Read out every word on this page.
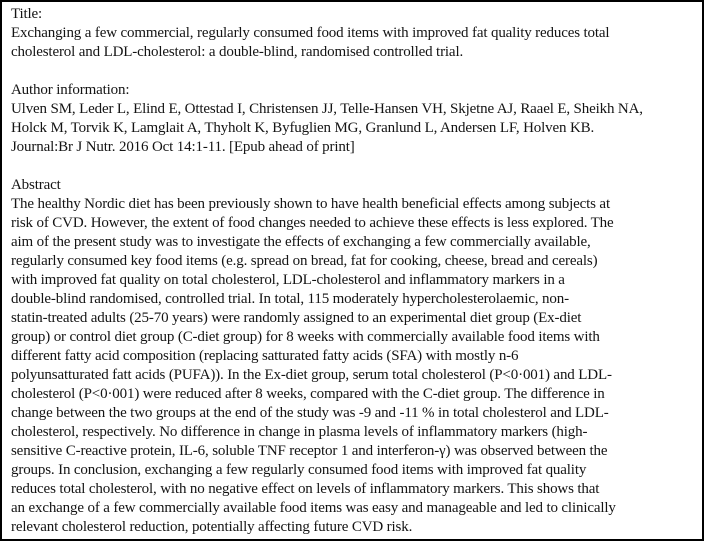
Title:
Exchanging a few commercial, regularly consumed food items with improved fat quality reduces total
cholesterol and LDL-cholesterol: a double-blind, randomised controlled trial.
Author information:
Ulven SM, Leder L, Elind E, Ottestad I, Christensen JJ, Telle-Hansen VH, Skjetne AJ, Raael E, Sheikh NA,
Holck M, Torvik K, Lamglait A, Thyholt K, Byfuglien MG, Granlund L, Andersen LF, Holven KB.
Journal:Br J Nutr. 2016 Oct 14:1-11. [Epub ahead of print]
Abstract
The healthy Nordic diet has been previously shown to have health beneficial effects among subjects at
risk of CVD. However, the extent of food changes needed to achieve these effects is less explored. The
aim of the present study was to investigate the effects of exchanging a few commercially available,
regularly consumed key food items (e.g. spread on bread, fat for cooking, cheese, bread and cereals)
with improved fat quality on total cholesterol, LDL-cholesterol and inflammatory markers in a
double-blind randomised, controlled trial. In total, 115 moderately hypercholesterolaemic, non-
statin-treated adults (25-70 years) were randomly assigned to an experimental diet group (Ex-diet
group) or control diet group (C-diet group) for 8 weeks with commercially available food items with
different fatty acid composition (replacing satturated fatty acids (SFA) with mostly n-6
polyunsatturated fatt acids (PUFA)). In the Ex-diet group, serum total cholesterol (P<0·001) and LDL-
cholesterol (P<0·001) were reduced after 8 weeks, compared with the C-diet group. The difference in
change between the two groups at the end of the study was -9 and -11 % in total cholesterol and LDL-
cholesterol, respectively. No difference in change in plasma levels of inflammatory markers (high-
sensitive C-reactive protein, IL-6, soluble TNF receptor 1 and interferon-γ) was observed between the
groups. In conclusion, exchanging a few regularly consumed food items with improved fat quality
reduces total cholesterol, with no negative effect on levels of inflammatory markers. This shows that
an exchange of a few commercially available food items was easy and manageable and led to clinically
relevant cholesterol reduction, potentially affecting future CVD risk.
